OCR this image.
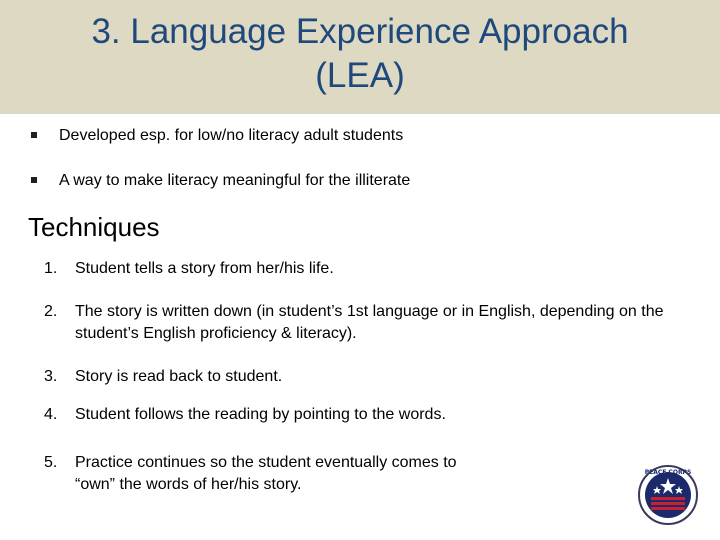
3. Language Experience Approach
(LEA)
Developed esp. for low/no literacy adult students
A way to make literacy meaningful for the illiterate
Techniques
1. Student tells a story from her/his life.
2. The story is written down (in student’s 1st language or in English, depending on the student’s English proficiency & literacy).
3. Story is read back to student.
4. Student follows the reading by pointing to the words.
5. Practice continues so the student eventually comes to “own” the words of her/his story.
PEACE CORPS
